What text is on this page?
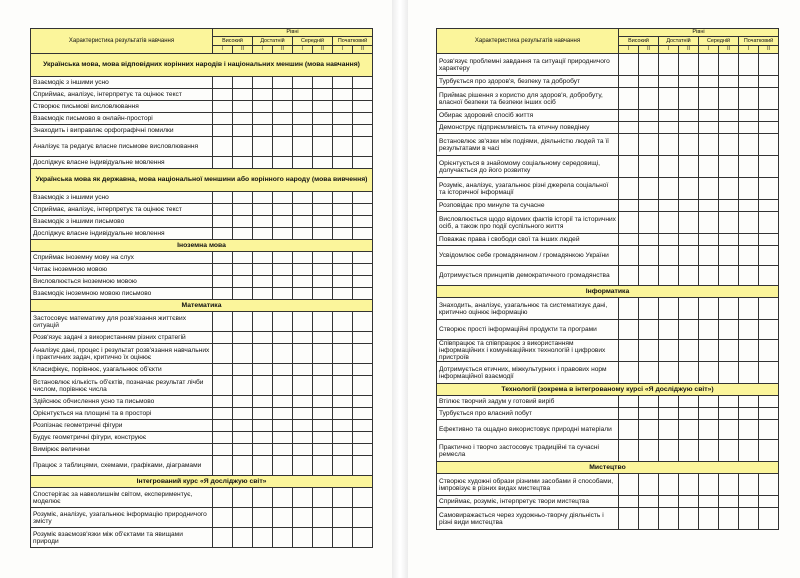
Характеристика результатів навчання	Рівні							
	Високий		Достатній		Середній		Початковий	
	І	ІІ	І	ІІ	І	ІІ	І	ІІ
Українська мова, мова відповідних корінних народів і національних меншин (мова навчання)								
Взаємодіє з іншими усно								
Сприймає, аналізує, інтерпретує та оцінює текст								
Створює письмові висловлювання								
Взаємодіє письмово в онлайн-просторі								
Знаходить і виправляє орфографічні помилки								
Аналізує та редагує власне письмове висловлювання								
Досліджує власне індивідуальне мовлення								
Українська мова як державна, мова національної меншини або корінного народу (мова вивчення)								
Взаємодіє з іншими усно								
Сприймає, аналізує, інтерпретує та оцінює текст								
Взаємодіє з іншими письмово								
Досліджує власне індивідуальне мовлення								
Іноземна мова								
Сприймає іноземну мову на слух								
Читає іноземною мовою								
Висловлюється іноземною мовою								
Взаємодіє іноземною мовою письмово								
Математика								
Застосовує математику для розв'язання життєвих ситуацій								
Розв'язує задачі з використанням різних стратегій								
Аналізує дані, процес і результат розв'язання навчальних і практичних задач, критично їх оцінює								
Класифікує, порівнює, узагальнює об'єкти								
Встановлює кількість об'єктів, позначає результат лічби числом, порівнює числа								
Здійснює обчислення усно та письмово								
Орієнтується на площині та в просторі								
Розпізнає геометричні фігури								
Будує геометричні фігури, конструює								
Вимірює величини								
Працює з таблицями, схемами, графіками, діаграмами								
Інтегрований курс «Я досліджую світ»								
Спостерігає за навколишнім світом, експериментує, моделює								
Розуміє, аналізує, узагальнює інформацію природничого змісту								
Розуміє взаємозв'язки між об'єктами та явищами природи								
Характеристика результатів навчання	Рівні							
	Високий		Достатній		Середній		Початковий	
	І	ІІ	І	ІІ	І	ІІ	І	ІІ
Розв'язує проблемні завдання та ситуації природничого характеру								
Турбується про здоров'я, безпеку та добробут								
Приймає рішення з користю для здоров'я, добробуту, власної безпеки та безпеки інших осіб								
Обирає здоровий спосіб життя								
Демонструє підприємливість та етичну поведінку								
Встановлює зв'язки між подіями, діяльністю людей та її результатами в часі								
Орієнтується в знайомому соціальному середовищі, долучається до його розвитку								
Розуміє, аналізує, узагальнює різні джерела соціальної та історичної інформації								
Розповідає про минуле та сучасне								
Висловлюється щодо відомих фактів історії та історичних осіб, а також про події суспільного життя								
Поважає права і свободи свої та інших людей								
Усвідомлює себе громадянином / громадянкою України								
Дотримується принципів демократичного громадянства								
Інформатика								
Знаходить, аналізує, узагальнює та систематизує дані, критично оцінює інформацію								
Створює прості інформаційні продукти та програми								
Співпрацює та співпрацює з використанням інформаційних і комунікаційних технологій і цифрових пристроїв								
Дотримується етичних, міжкультурних і правових норм інформаційної взаємодії								
Технології (зокрема в інтегрованому курсі «Я досліджую світ»)								
Втілює творчий задум у готовий виріб								
Турбується про власний побут								
Ефективно та ощадно використовує природні матеріали								
Практично і творчо застосовує традиційні та сучасні ремесла								
Мистецтво								
Створює художні образи різними засобами й способами, імпровізує в різних видах мистецтва								
Сприймає, розуміє, інтерпретує твори мистецтва								
Самовиражається через художньо-творчу діяльність і різні види мистецтва								
